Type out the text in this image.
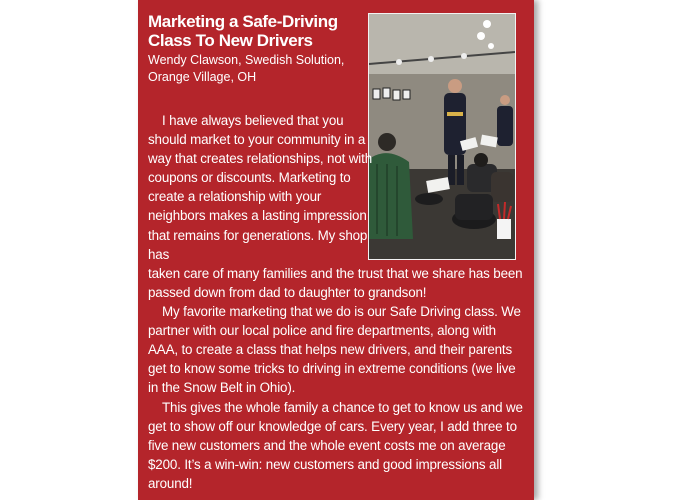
Marketing a Safe-Driving Class To New Drivers

Wendy Clawson, Swedish Solution, Orange Village, OH

I have always believed that you should market to your community in a way that creates relationships, not with coupons or discounts. Marketing to create a relationship with your neighbors makes a lasting impression that remains for generations. My shop has

taken care of many families and the trust that we share has been passed down from dad to daughter to grandson!

My favorite marketing that we do is our Safe Driving class. We partner with our local police and fire departments, along with AAA, to create a class that helps new drivers, and their parents get to know some tricks to driving in extreme conditions (we live in the Snow Belt in Ohio).

This gives the whole family a chance to get to know us and we get to show off our knowledge of cars. Every year, I add three to five new customers and the whole event costs me on average $200. It’s a win-win: new customers and good impressions all around!
